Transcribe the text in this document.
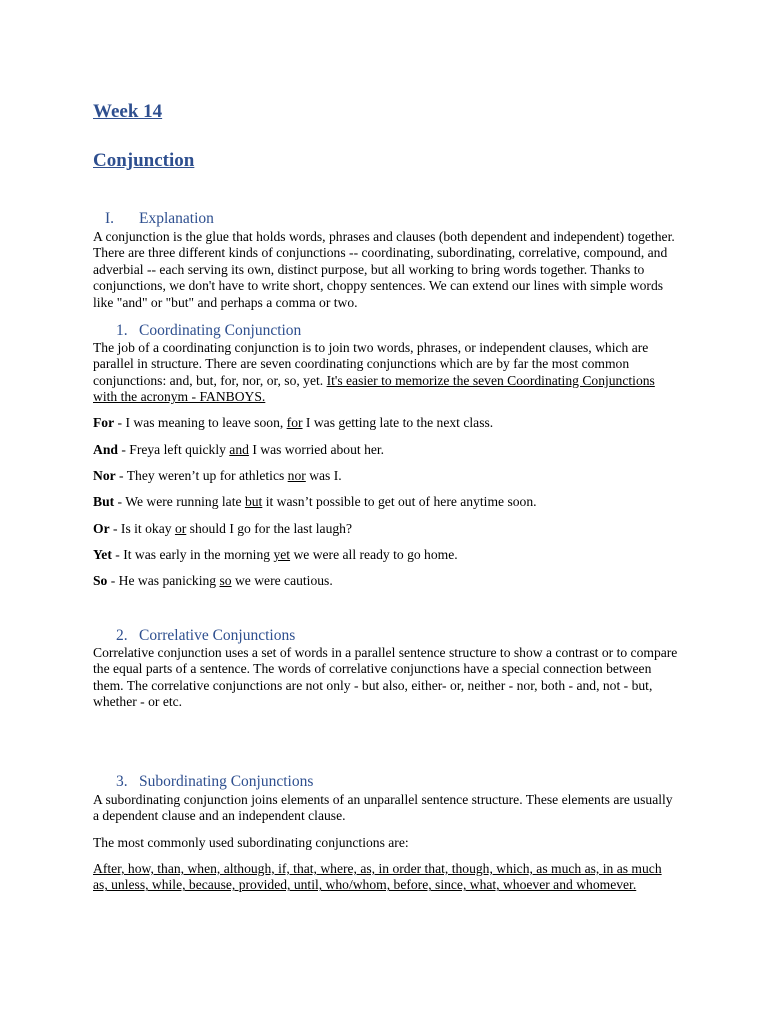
Week 14
Conjunction
I. Explanation
A conjunction is the glue that holds words, phrases and clauses (both dependent and independent) together. There are three different kinds of conjunctions -- coordinating, subordinating, correlative, compound, and adverbial -- each serving its own, distinct purpose, but all working to bring words together. Thanks to conjunctions, we don't have to write short, choppy sentences. We can extend our lines with simple words like "and" or "but" and perhaps a comma or two.
1. Coordinating Conjunction
The job of a coordinating conjunction is to join two words, phrases, or independent clauses, which are parallel in structure. There are seven coordinating conjunctions which are by far the most common conjunctions: and, but, for, nor, or, so, yet. It's easier to memorize the seven Coordinating Conjunctions with the acronym - FANBOYS.
For - I was meaning to leave soon, for I was getting late to the next class.
And - Freya left quickly and I was worried about her.
Nor - They weren’t up for athletics nor was I.
But - We were running late but it wasn’t possible to get out of here anytime soon.
Or - Is it okay or should I go for the last laugh?
Yet - It was early in the morning yet we were all ready to go home.
So - He was panicking so we were cautious.
2. Correlative Conjunctions
Correlative conjunction uses a set of words in a parallel sentence structure to show a contrast or to compare the equal parts of a sentence. The words of correlative conjunctions have a special connection between them. The correlative conjunctions are not only - but also, either- or, neither - nor, both - and, not - but, whether - or etc.
3. Subordinating Conjunctions
A subordinating conjunction joins elements of an unparallel sentence structure. These elements are usually a dependent clause and an independent clause.
The most commonly used subordinating conjunctions are:
After, how, than, when, although, if, that, where, as, in order that, though, which, as much as, in as much as, unless, while, because, provided, until, who/whom, before, since, what, whoever and whomever.
